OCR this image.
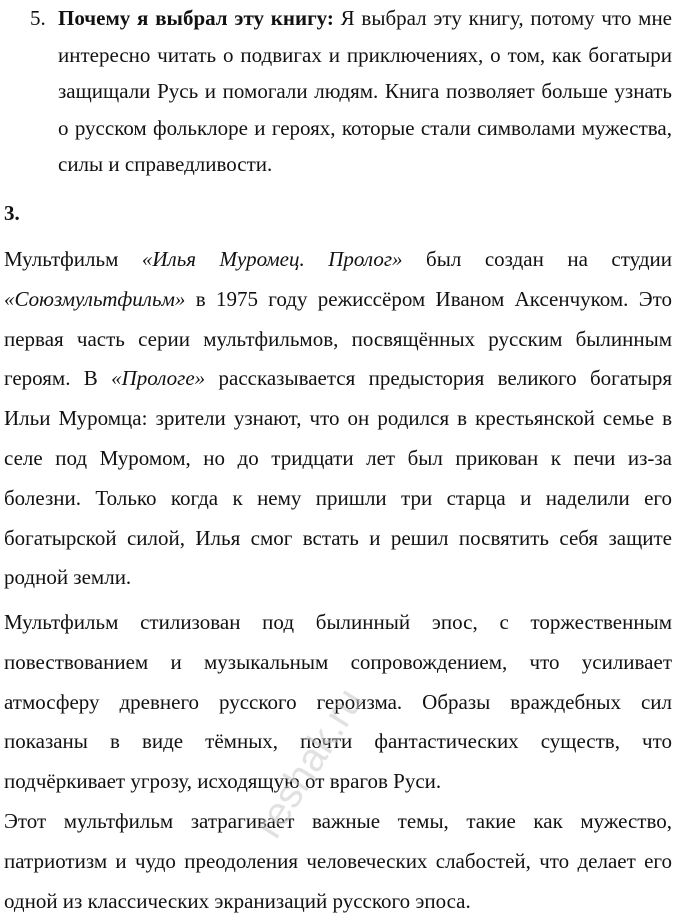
5. Почему я выбрал эту книгу: Я выбрал эту книгу, потому что мне интересно читать о подвигах и приключениях, о том, как богатыри защищали Русь и помогали людям. Книга позволяет больше узнать о русском фольклоре и героях, которые стали символами мужества, силы и справедливости.
3.

Мультфильм «Илья Муромец. Пролог» был создан на студии «Союзмультфильм» в 1975 году режиссёром Иваном Аксенчуком. Это первая часть серии мультфильмов, посвящённых русским былинным героям. В «Прологе» рассказывается предыстория великого богатыря Ильи Муромца: зрители узнают, что он родился в крестьянской семье в селе под Муромом, но до тридцати лет был прикован к печи из-за болезни. Только когда к нему пришли три старца и наделили его богатырской силой, Илья смог встать и решил посвятить себя защите родной земли.

Мультфильм стилизован под былинный эпос, с торжественным повествованием и музыкальным сопровождением, что усиливает атмосферу древнего русского героизма. Образы враждебных сил показаны в виде тёмных, почти фантастических существ, что подчёркивает угрозу, исходящую от врагов Руси.

Этот мультфильм затрагивает важные темы, такие как мужество, патриотизм и чудо преодоления человеческих слабостей, что делает его одной из классических экранизаций русского эпоса.

reshak.ru
